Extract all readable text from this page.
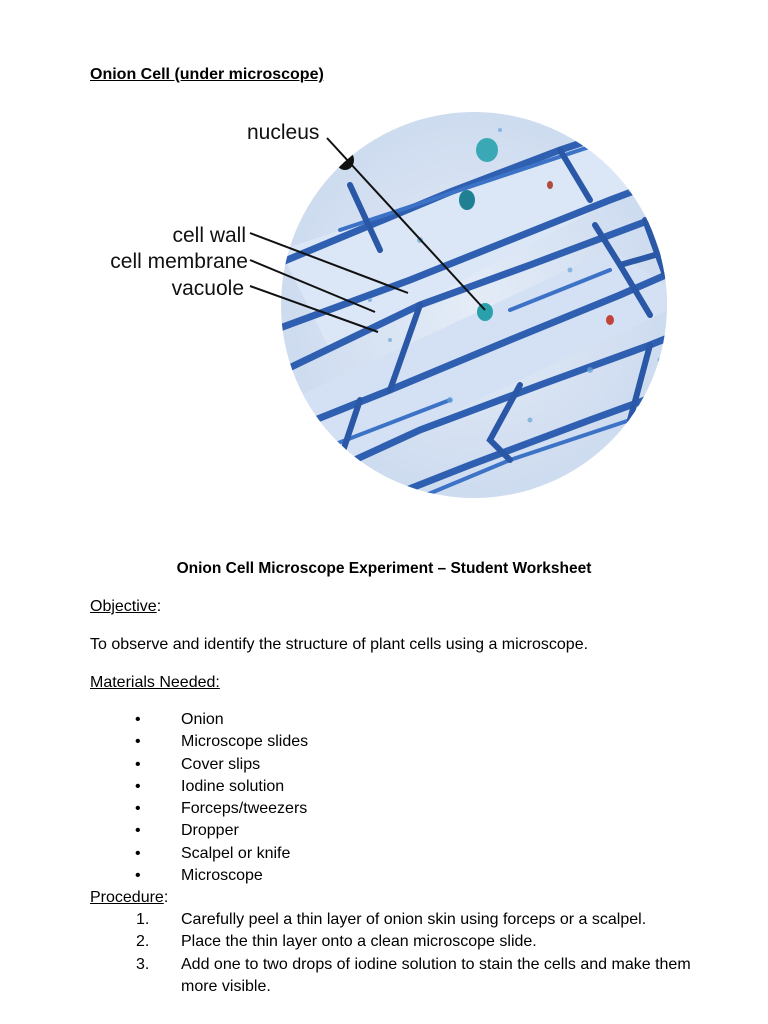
Onion Cell (under microscope)
nucleus
cell wall
cell membrane
vacuole
Onion Cell Microscope Experiment – Student Worksheet
Objective:
To observe and identify the structure of plant cells using a microscope.
Materials Needed:
•	Onion
•	Microscope slides
•	Cover slips
•	Iodine solution
•	Forceps/tweezers
•	Dropper
•	Scalpel or knife
•	Microscope
Procedure:
1. Carefully peel a thin layer of onion skin using forceps or a scalpel.
2. Place the thin layer onto a clean microscope slide.
3. Add one to two drops of iodine solution to stain the cells and make them more visible.
